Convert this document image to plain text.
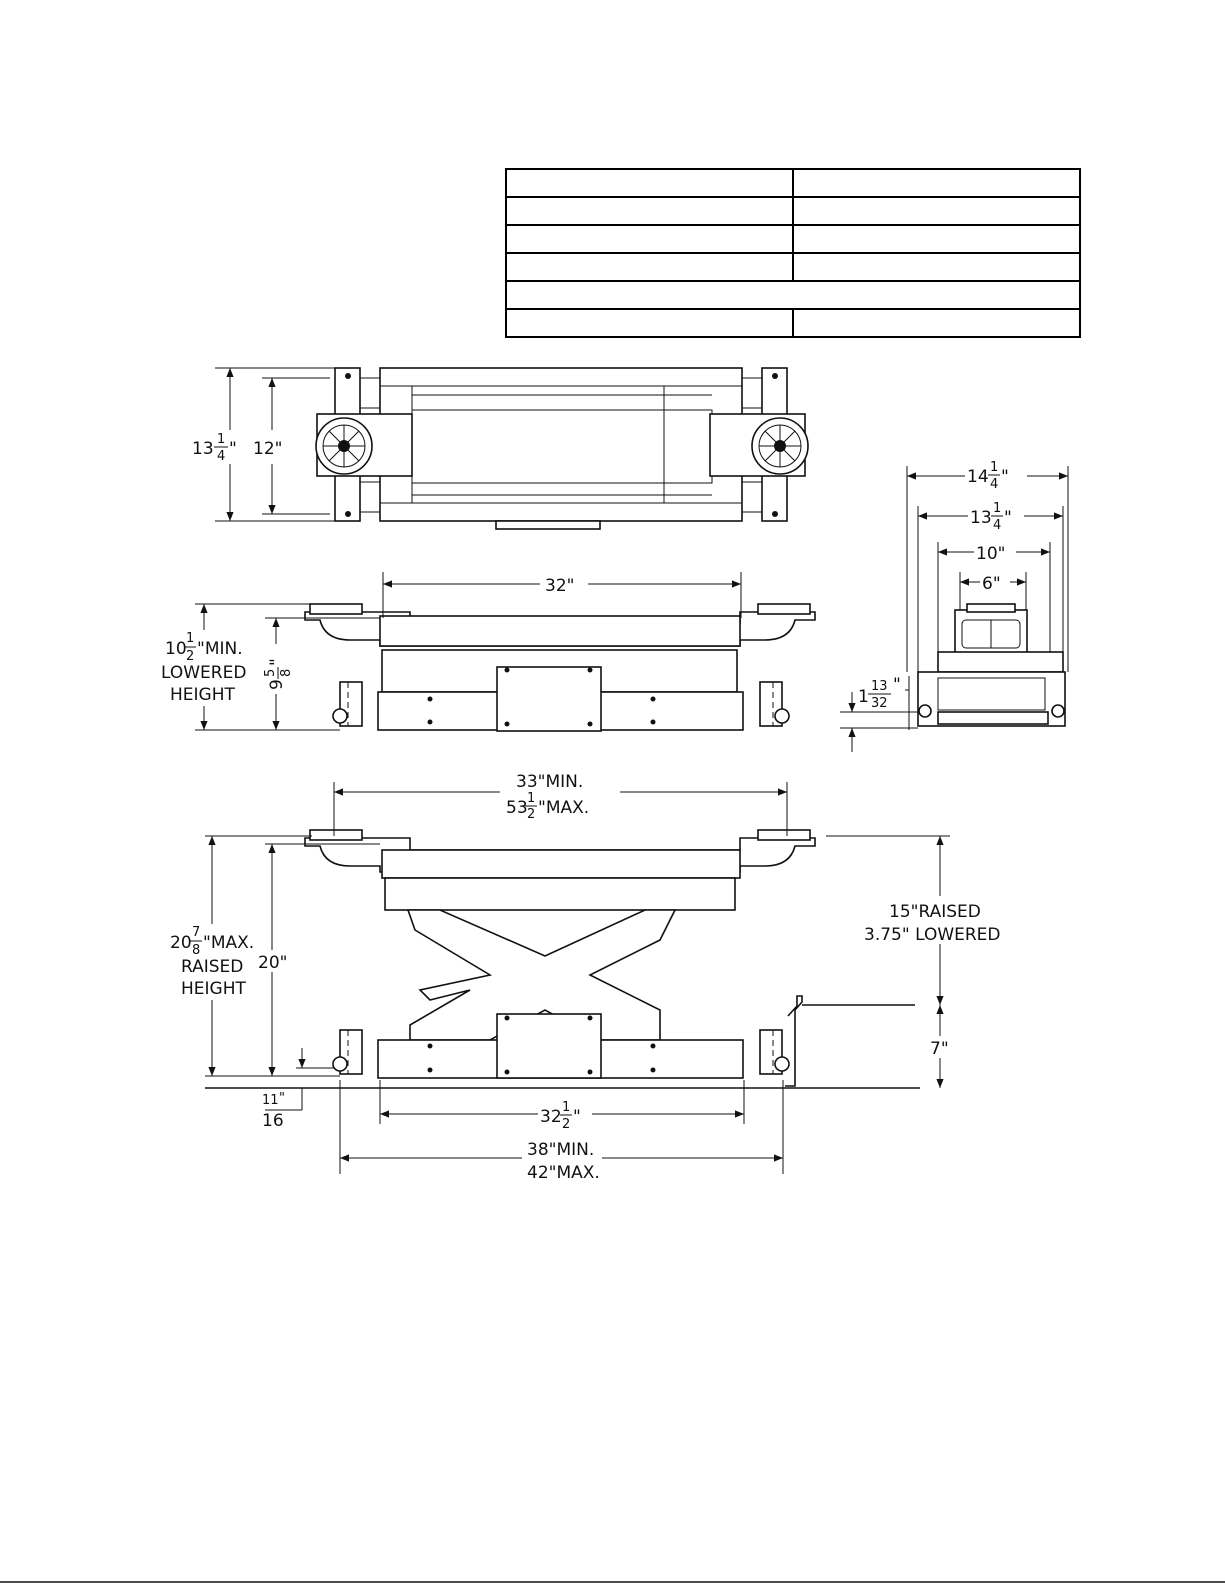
13 1
4 " 12"
32"
10
1
2 "MIN.
LOWERED
HEIGHT
9
5 8
"
14 1
4 "
13 1
4 "
10"
6"
1
13
32
"
33"MIN.
53 1
2 "MAX.
20
7
8 "MAX.
RAISED
HEIGHT
20"
11 "
16
15"RAISED
3.75" LOWERED
7"
32 1
2 "
38"MIN.
42"MAX.
